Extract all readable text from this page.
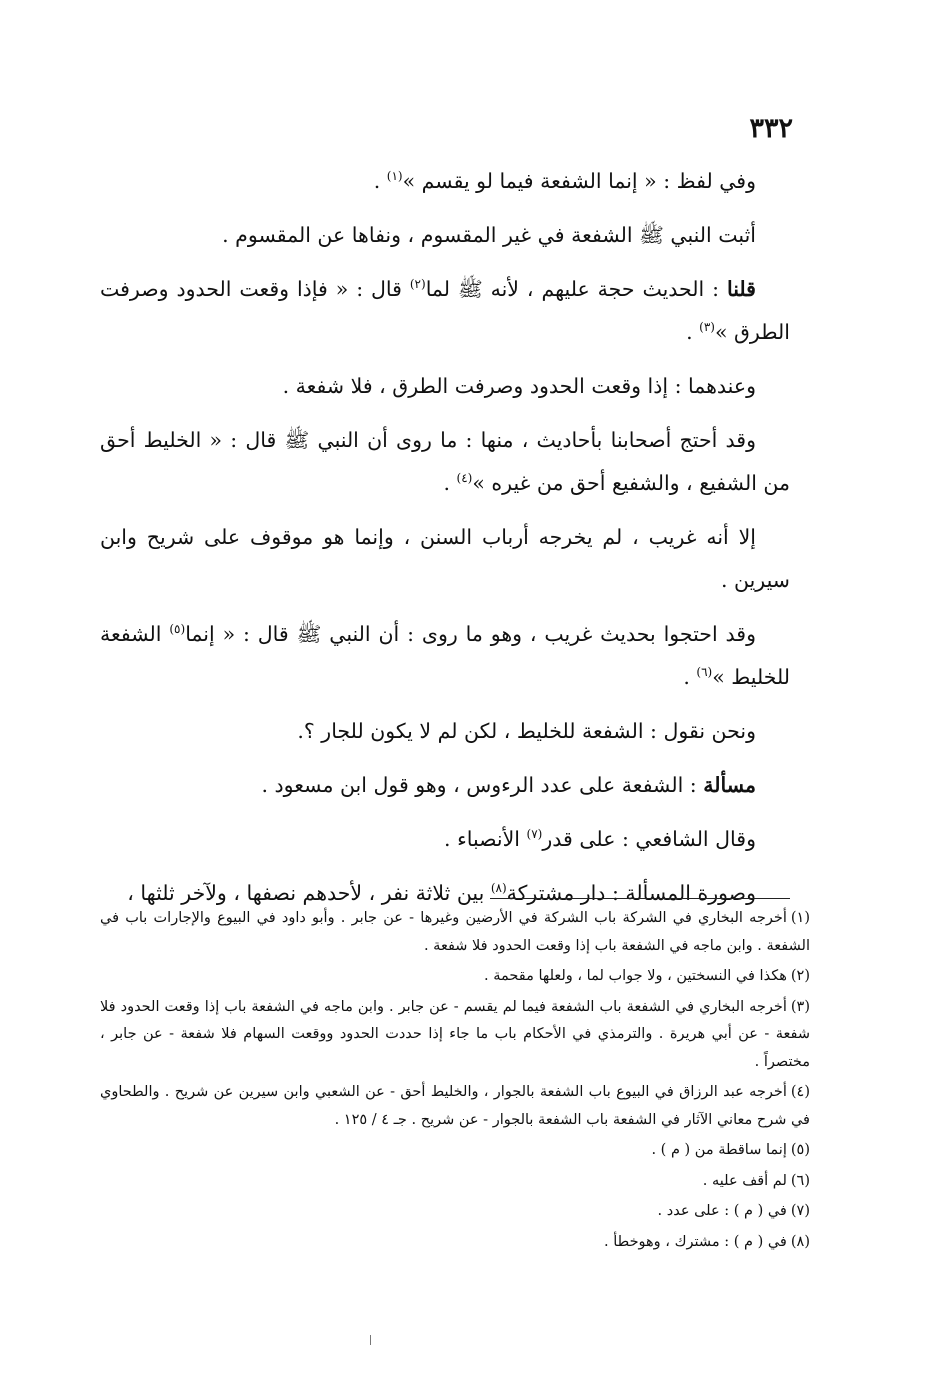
٣٣٢

وفي لفظ : « إنما الشفعة فيما لو يقسم »$^{(١)}$ .

أثبت النبي ﷺ الشفعة في غير المقسوم ، ونفاها عن المقسوم .

قلنا : الحديث حجة عليهم ، لأنه ﷺ لما$^{(٢)}$ قال : « فإذا وقعت الحدود وصرفت الطرق »$^{(٣)}$ .

وعندهما : إذا وقعت الحدود وصرفت الطرق ، فلا شفعة .

وقد أحتج أصحابنا بأحاديث ، منها : ما روى أن النبي ﷺ قال : « الخليط أحق من الشفيع ، والشفيع أحق من غيره »$^{(٤)}$ .

إلا أنه غريب ، لم يخرجه أرباب السنن ، وإنما هو موقوف على شريح وابن سيرين .

وقد احتجوا بحديث غريب ، وهو ما روى : أن النبي ﷺ قال : « إنما$^{(٥)}$ الشفعة للخليط »$^{(٦)}$ .

ونحن نقول : الشفعة للخليط ، لكن لم لا يكون للجار ؟.

مسألة : الشفعة على عدد الرءوس ، وهو قول ابن مسعود .

وقال الشافعي : على قدر$^{(٧)}$ الأنصباء .

وصورة المسألة : دار مشتركة$^{(٨)}$ بين ثلاثة نفر ، لأحدهم نصفها ، ولآخر ثلثها ،

(١)أخرجه البخاري في الشركة باب الشركة في الأرضين وغيرها - عن جابر . وأبو داود في البيوع والإجارات باب في الشفعة . وابن ماجه في الشفعة باب إذا وقعت الحدود فلا شفعة .

(٢)هكذا في النسختين ، ولا جواب لما ، ولعلها مقحمة .

(٣)أخرجه البخاري في الشفعة باب الشفعة فيما لم يقسم - عن جابر . وابن ماجه في الشفعة باب إذا وقعت الحدود فلا شفعة - عن أبي هريرة . والترمذي في الأحكام باب ما جاء إذا حددت الحدود ووقعت السهام فلا شفعة - عن جابر ، مختصراً .

(٤)أخرجه عبد الرزاق في البيوع باب الشفعة بالجوار ، والخليط أحق - عن الشعبي وابن سيرين عن شريح . والطحاوي في شرح معاني الآثار في الشفعة باب الشفعة بالجوار - عن شريح . جـ ٤ / ١٢٥ .

(٥)إنما ساقطة من ( م ) .

(٦)لم أقف عليه .

(٧)في ( م ) : على عدد .

(٨)في ( م ) : مشترك ، وهوخطأ .
